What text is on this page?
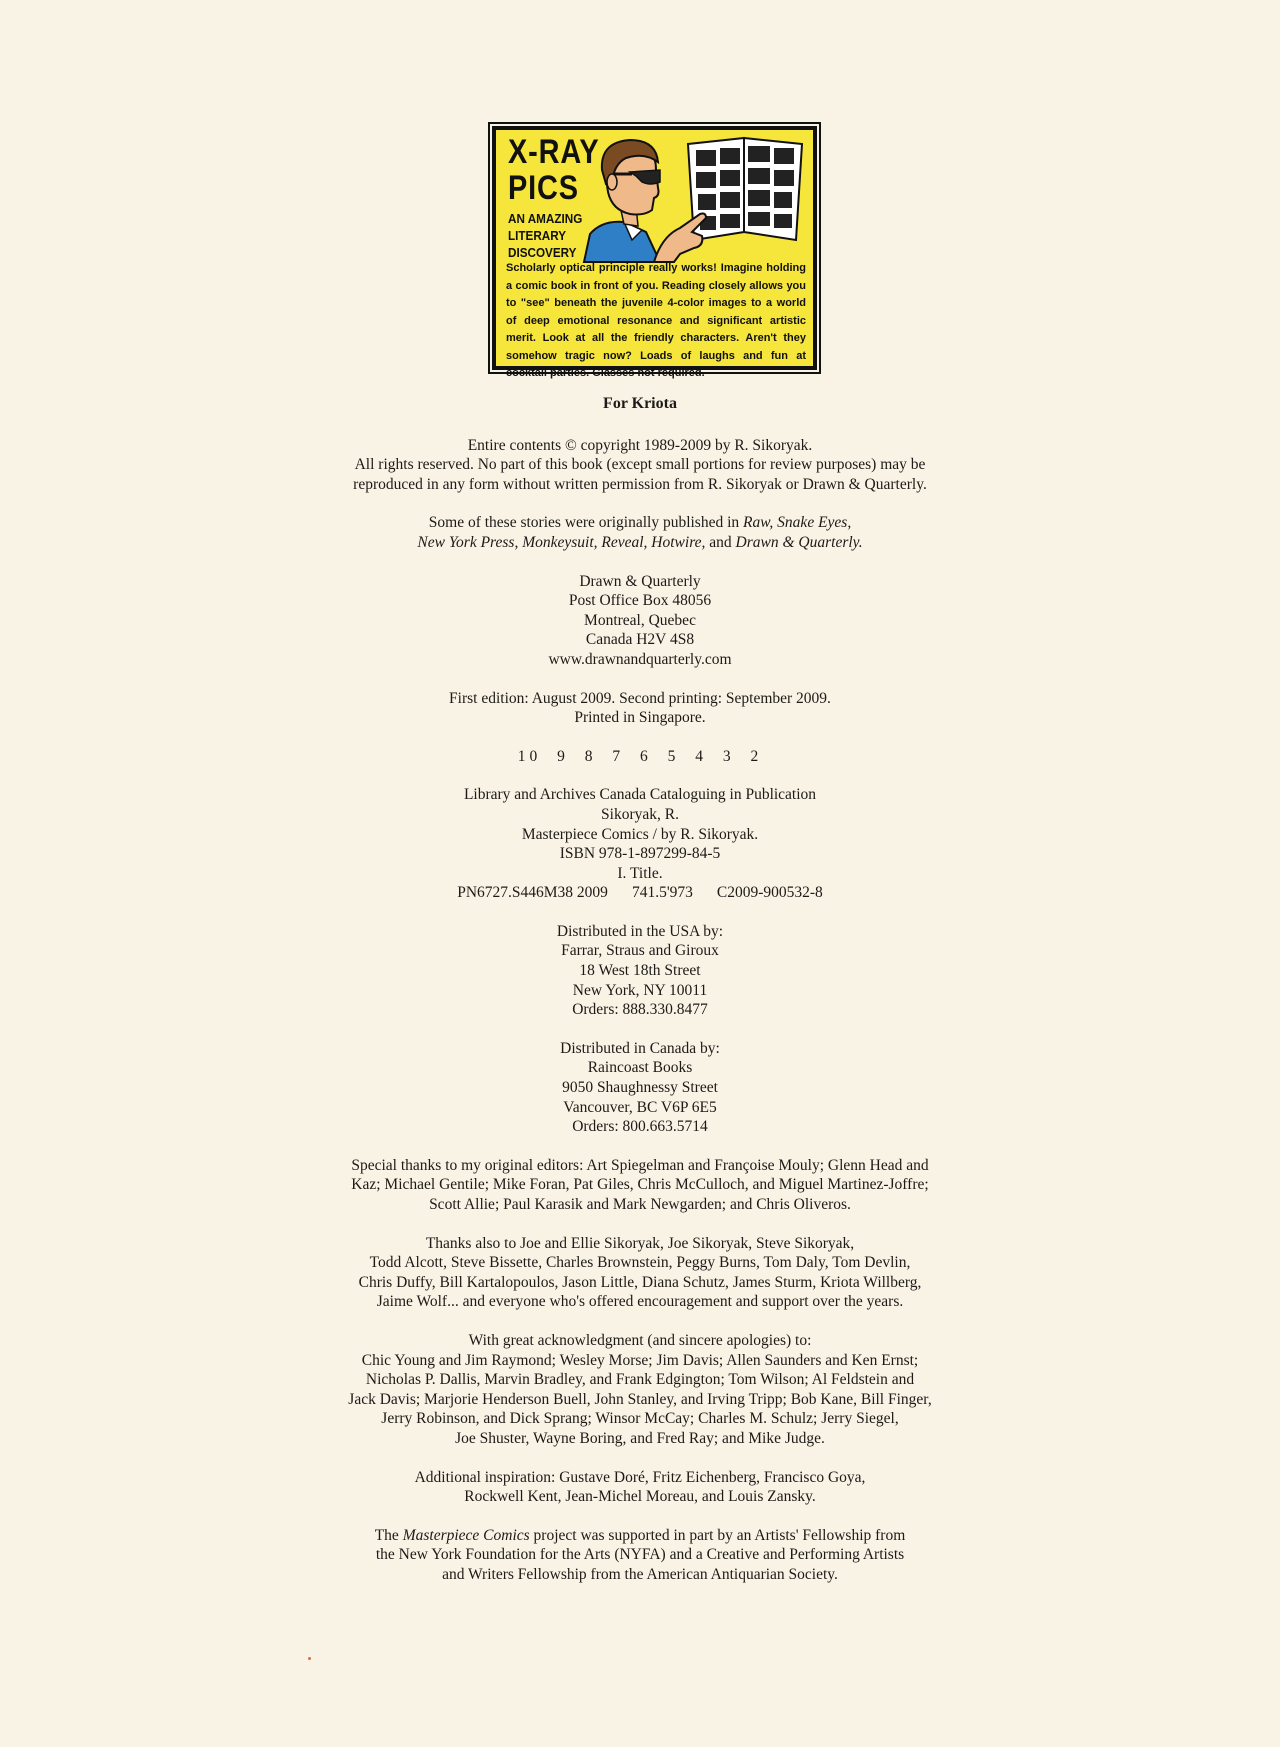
X-RAY
PICS
AN AMAZING
LITERARY
DISCOVERY
Scholarly optical principle really works! Imagine holding a comic book in front of you. Reading closely allows you to "see" beneath the juvenile 4-color images to a world of deep emotional resonance and significant artistic merit. Look at all the friendly characters. Aren't they somehow tragic now? Loads of laughs and fun at cocktail parties. Glasses not required.

For Kriota

Entire contents © copyright 1989-2009 by R. Sikoryak.
All rights reserved. No part of this book (except small portions for review purposes) may be
reproduced in any form without written permission from R. Sikoryak or Drawn & Quarterly.

Some of these stories were originally published in Raw, Snake Eyes,
New York Press, Monkeysuit, Reveal, Hotwire, and Drawn & Quarterly.

Drawn & Quarterly
Post Office Box 48056
Montreal, Quebec
Canada H2V 4S8
www.drawnandquarterly.com

First edition: August 2009. Second printing: September 2009.
Printed in Singapore.

10 9 8 7 6 5 4 3 2

Library and Archives Canada Cataloguing in Publication
Sikoryak, R.
Masterpiece Comics / by R. Sikoryak.
ISBN 978-1-897299-84-5
I. Title.
PN6727.S446M38 2009 741.5'973 C2009-900532-8

Distributed in the USA by:
Farrar, Straus and Giroux
18 West 18th Street
New York, NY 10011
Orders: 888.330.8477

Distributed in Canada by:
Raincoast Books
9050 Shaughnessy Street
Vancouver, BC V6P 6E5
Orders: 800.663.5714

Special thanks to my original editors: Art Spiegelman and Françoise Mouly; Glenn Head and
Kaz; Michael Gentile; Mike Foran, Pat Giles, Chris McCulloch, and Miguel Martinez-Joffre;
Scott Allie; Paul Karasik and Mark Newgarden; and Chris Oliveros.

Thanks also to Joe and Ellie Sikoryak, Joe Sikoryak, Steve Sikoryak,
Todd Alcott, Steve Bissette, Charles Brownstein, Peggy Burns, Tom Daly, Tom Devlin,
Chris Duffy, Bill Kartalopoulos, Jason Little, Diana Schutz, James Sturm, Kriota Willberg,
Jaime Wolf... and everyone who's offered encouragement and support over the years.

With great acknowledgment (and sincere apologies) to:
Chic Young and Jim Raymond; Wesley Morse; Jim Davis; Allen Saunders and Ken Ernst;
Nicholas P. Dallis, Marvin Bradley, and Frank Edgington; Tom Wilson; Al Feldstein and
Jack Davis; Marjorie Henderson Buell, John Stanley, and Irving Tripp; Bob Kane, Bill Finger,
Jerry Robinson, and Dick Sprang; Winsor McCay; Charles M. Schulz; Jerry Siegel,
Joe Shuster, Wayne Boring, and Fred Ray; and Mike Judge.

Additional inspiration: Gustave Doré, Fritz Eichenberg, Francisco Goya,
Rockwell Kent, Jean-Michel Moreau, and Louis Zansky.

The Masterpiece Comics project was supported in part by an Artists' Fellowship from
the New York Foundation for the Arts (NYFA) and a Creative and Performing Artists
and Writers Fellowship from the American Antiquarian Society.
